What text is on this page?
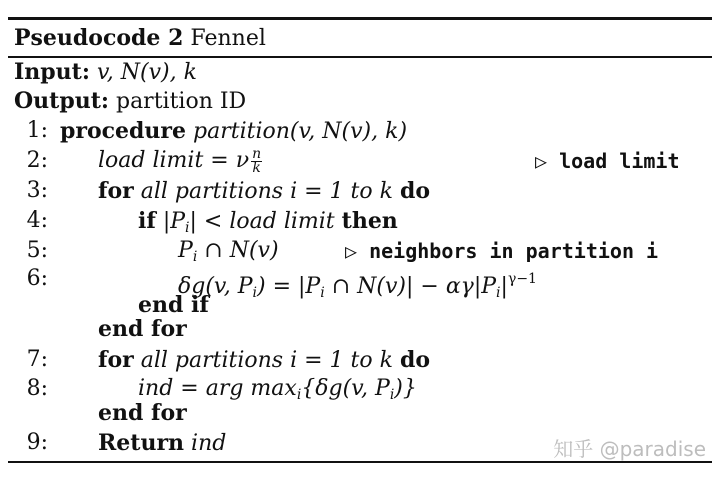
Pseudocode 2 Fennel
Input: v, N(v), k
Output: partition ID
1: procedure partition(v, N(v), k)
2: load limit = ν $\frac{n}{k}$	▷ load limit
3: for all partitions i = 1 to k do
4:	if $|P_i|$ < load limit then
5:	$P_i$ ∩ N(v)	▷ neighbors in partition i
6:	δg(v, $P_i) = |P_i$ ∩ $N(v)| - \alpha\gamma|P_i|^{\gamma-1}$
end if
end for
7: for all partitions i = 1 to k do
8:	ind = arg $\max_i\{\delta g(v$, $P_i$)}
end for
9: Return ind	知乎 @paradise
